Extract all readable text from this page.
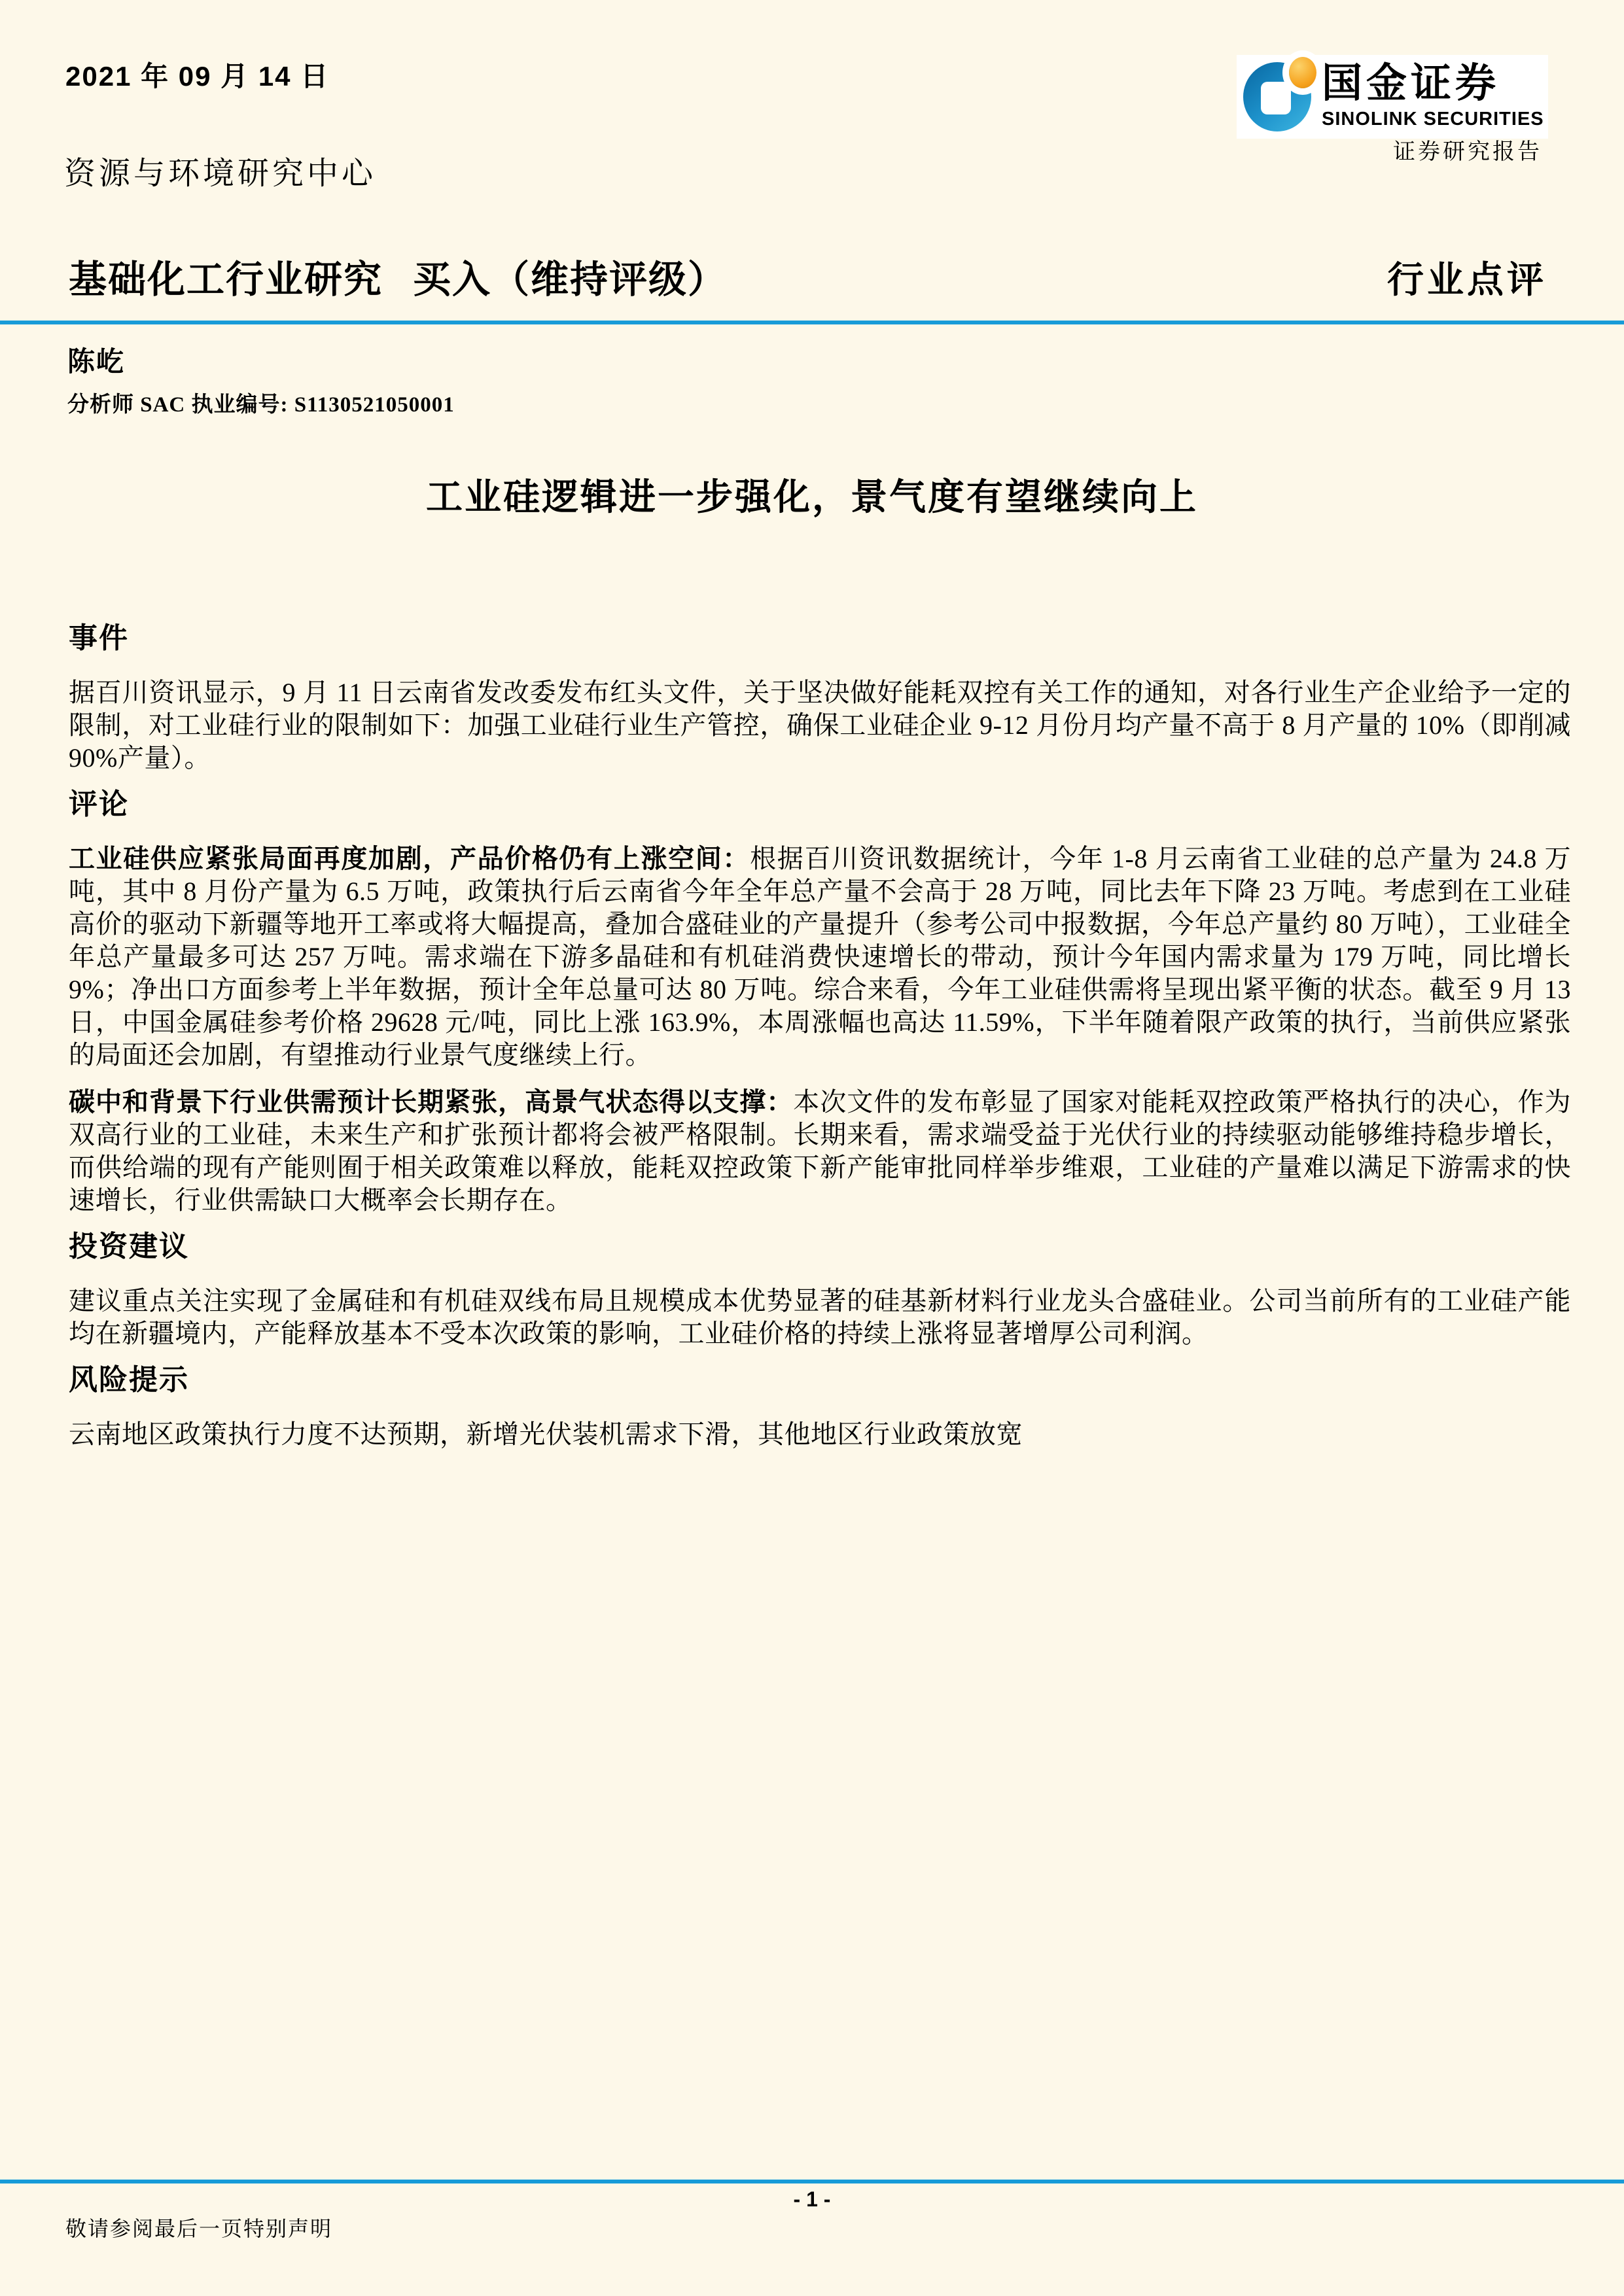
2021 年 09 月 14 日
资源与环境研究中心
国金证券
SINOLINK SECURITIES
证券研究报告
基础化工行业研究 买入（维持评级）	行业点评
陈屹
分析师 SAC 执业编号: S1130521050001
工业硅逻辑进一步强化，景气度有望继续向上
事件

据百川资讯显示，9 月 11 日云南省发改委发布红头文件，关于坚决做好能耗双控有关工作的通知，对各行业生产企业给予一定的限制，对工业硅行业的限制如下：加强工业硅行业生产管控，确保工业硅企业 9-12 月份月均产量不高于 8 月产量的 10%（即削减 90%产量）。

评论

工业硅供应紧张局面再度加剧，产品价格仍有上涨空间：根据百川资讯数据统计，今年 1-8 月云南省工业硅的总产量为 24.8 万吨，其中 8 月份产量为 6.5 万吨，政策执行后云南省今年全年总产量不会高于 28 万吨，同比去年下降 23 万吨。考虑到在工业硅高价的驱动下新疆等地开工率或将大幅提高，叠加合盛硅业的产量提升（参考公司中报数据，今年总产量约 80 万吨），工业硅全年总产量最多可达 257 万吨。需求端在下游多晶硅和有机硅消费快速增长的带动，预计今年国内需求量为 179 万吨，同比增长 9%；净出口方面参考上半年数据，预计全年总量可达 80 万吨。综合来看，今年工业硅供需将呈现出紧平衡的状态。截至 9 月 13 日，中国金属硅参考价格 29628 元/吨，同比上涨 163.9%，本周涨幅也高达 11.59%，下半年随着限产政策的执行，当前供应紧张的局面还会加剧，有望推动行业景气度继续上行。

碳中和背景下行业供需预计长期紧张，高景气状态得以支撑：本次文件的发布彰显了国家对能耗双控政策严格执行的决心，作为双高行业的工业硅，未来生产和扩张预计都将会被严格限制。长期来看，需求端受益于光伏行业的持续驱动能够维持稳步增长，而供给端的现有产能则囿于相关政策难以释放，能耗双控政策下新产能审批同样举步维艰，工业硅的产量难以满足下游需求的快速增长，行业供需缺口大概率会长期存在。

投资建议

建议重点关注实现了金属硅和有机硅双线布局且规模成本优势显著的硅基新材料行业龙头合盛硅业。公司当前所有的工业硅产能均在新疆境内，产能释放基本不受本次政策的影响，工业硅价格的持续上涨将显著增厚公司利润。

风险提示

云南地区政策执行力度不达预期，新增光伏装机需求下滑，其他地区行业政策放宽

- 1 -
敬请参阅最后一页特别声明
